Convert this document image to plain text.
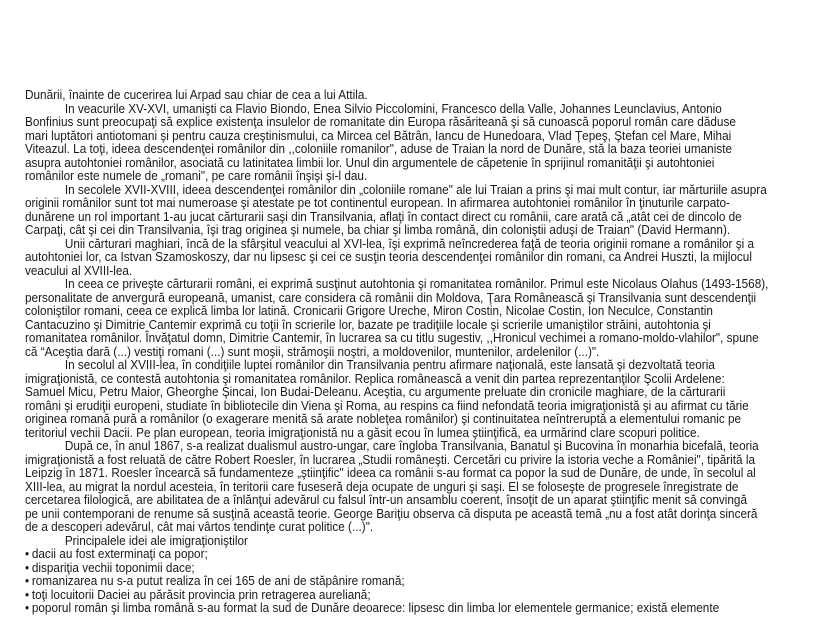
Dunării, înainte de cucerirea lui Arpad sau chiar de cea a lui Attila.
In veacurile XV-XVI, umanişti ca Flavio Biondo, Enea Silvio Piccolomini, Francesco della Valle, Johannes Leunclavius, Antonio
Bonfinius sunt preocupaţi să explice existenţa insulelor de romanitate din Europa răsăriteană şi să cunoască poporul român care dăduse
mari luptători antiotomani şi pentru cauza creştinismului, ca Mircea cel Bătrân, Iancu de Hunedoara, Vlad Ţepeş, Ştefan cel Mare, Mihai
Viteazul. La toţi, ideea descendenţei românilor din ,,coloniile romanilor", aduse de Traian la nord de Dunăre, stă la baza teoriei umaniste
asupra autohtoniei românilor, asociată cu latinitatea limbii lor. Unul din argumentele de căpetenie în sprijinul romanităţii şi autohtoniei
românilor este numele de „romani", pe care românii înşişi şi-l dau.
In secolele XVII-XVIII, ideea descendenţei românilor din „coloniile romane" ale lui Traian a prins şi mai mult contur, iar mărturiile asupra
originii românilor sunt tot mai numeroase şi atestate pe tot continentul european. In afirmarea autohtoniei românilor în ţinuturile carpato-
dunărene un rol important 1-au jucat cărturarii saşi din Transilvania, aflaţi în contact direct cu românii, care arată că „atât cei de dincolo de
Carpaţi, cât şi cei din Transilvania, îşi trag originea şi numele, ba chiar şi limba română, din coloniştii aduşi de Traian" (David Hermann).
Unii cărturari maghiari, încă de la sfârşitul veacului al XVI-lea, îşi exprimă neîncrederea faţă de teoria originii romane a românilor şi a
autohtoniei lor, ca Istvan Szamoskoszy, dar nu lipsesc şi cei ce susţin teoria descendenţei românilor din romani, ca Andrei Huszti, la mijlocul
veacului al XVIII-lea.
In ceea ce priveşte cărturarii români, ei exprimă susţinut autohtonia şi romanitatea românilor. Primul este Nicolaus Olahus (1493-1568),
personalitate de anvergură europeană, umanist, care considera că românii din Moldova, Ţara Românească şi Transilvania sunt descendenţii
coloniştilor romani, ceea ce explică limba lor latină. Cronicarii Grigore Ureche, Miron Costin, Nicolae Costin, Ion Neculce, Constantin
Cantacuzino şi Dimitrie Cantemir exprimă cu toţii în scrierile lor, bazate pe tradiţiile locale şi scrierile umaniştilor străini, autohtonia şi
romanitatea românilor. Învăţatul domn, Dimitrie Cantemir, în lucrarea sa cu titlu sugestiv, ,,Hronicul vechimei a romano-moldo-vlahilor", spune
că “Aceştia dară (...) vestiţi romani (...) sunt moşii, strămoşii noştri, a moldovenilor, muntenilor, ardelenilor (...)".
In secolul al XVIII-lea, în condiţiile luptei românilor din Transilvania pentru afirmare naţională, este lansată şi dezvoltată teoria
imigraţionistă, ce contestă autohtonia şi romanitatea românilor. Replica românească a venit din partea reprezentanţilor Şcolii Ardelene:
Samuel Micu, Petru Maior, Gheorghe Şincai, Ion Budai-Deleanu. Aceştia, cu argumente preluate din cronicile maghiare, de la cărturarii
români şi erudiţii europeni, studiate în bibliotecile din Viena şi Roma, au respins ca fiind nefondată teoria imigraţionistă şi au afirmat cu tărie
originea romană pură a românilor (o exagerare menită să arate nobleţea românilor) şi continuitatea neîntreruptă a elementului romanic pe
teritoriul vechii Dacii. Pe plan european, teoria imigraţionistă nu a găsit ecou în lumea ştiinţifică, ea urmărind clare scopuri politice.
După ce, în anul 1867, s-a realizat dualismul austro-ungar, care îngloba Transilvania, Banatul şi Bucovina în monarhia bicefală, teoria
imigraţionistă a fost reluată de către Robert Roesler, în lucrarea „Studii româneşti. Cercetări cu privire la istoria veche a României", tipărită la
Leipzig în 1871. Roesler încearcă să fundamenteze „ştiinţific" ideea ca românii s-au format ca popor la sud de Dunăre, de unde, în secolul al
XIII-lea, au migrat la nordul acesteia, în teritorii care fuseseră deja ocupate de unguri şi saşi. El se foloseşte de progresele înregistrate de
cercetarea filologică, are abilitatea de a înlănţui adevărul cu falsul într-un ansamblu coerent, însoţit de un aparat ştiinţific menit să convingă
pe unii contemporani de renume să susţină această teorie. George Bariţiu observa că disputa pe această temă „nu a fost atât dorinţa sinceră
de a descoperi adevărul, cât mai vârtos tendinţe curat politice (...)".
Principalele idei ale imigraţioniştilor
• dacii au fost exterminaţi ca popor;
• dispariţia vechii toponimii dace;
• romanizarea nu s-a putut realiza în cei 165 de ani de stăpânire romană;
• toţi locuitorii Daciei au părăsit provincia prin retragerea aureliană;
• poporul român şi limba română s-au format la sud de Dunăre deoarece: lipsesc din limba lor elementele germanice; există elemente
